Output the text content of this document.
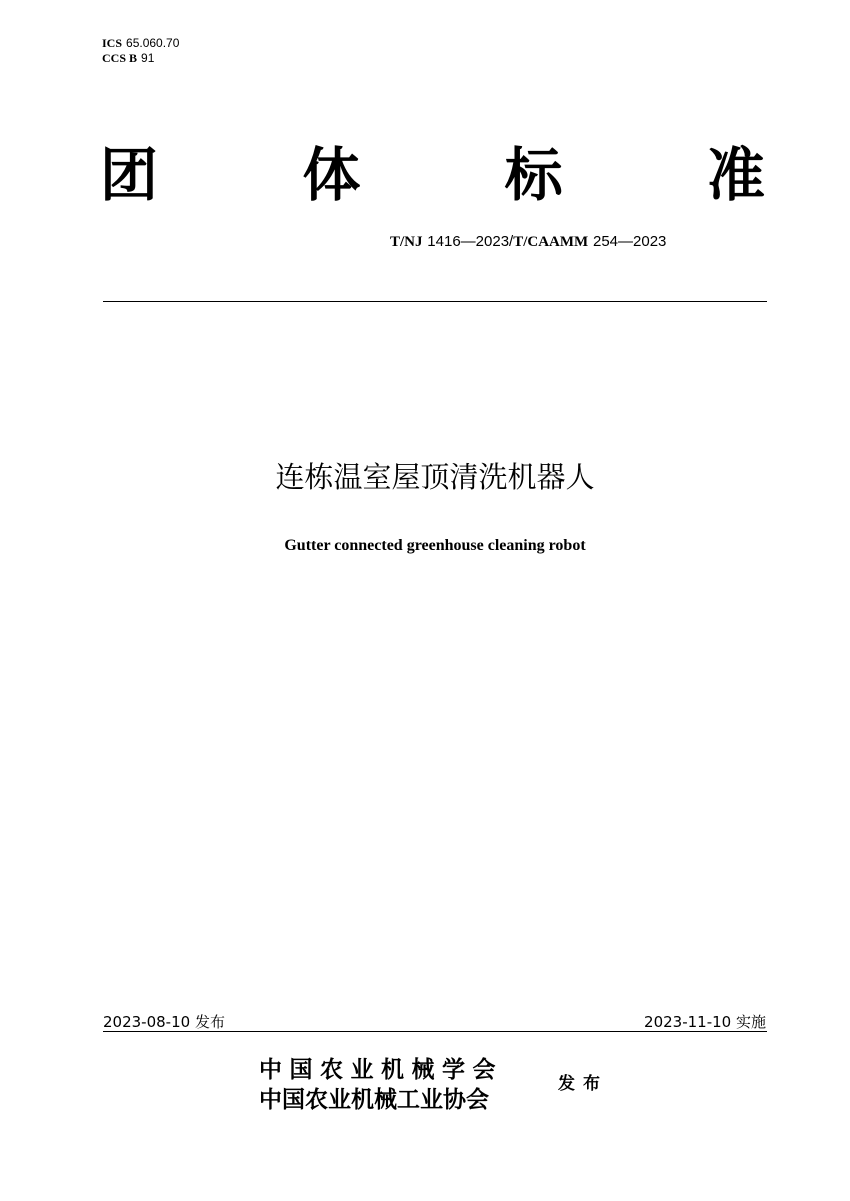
ICS 65.060.70
CCS B 91
团 体 标 准
T/NJ 1416—2023/T/CAAMM 254—2023
连栋温室屋顶清洗机器人
Gutter connected greenhouse cleaning robot
2023-08-10 发布	2023-11-10 实施
中国农业机械学会
中国农业机械工业协会
发布
